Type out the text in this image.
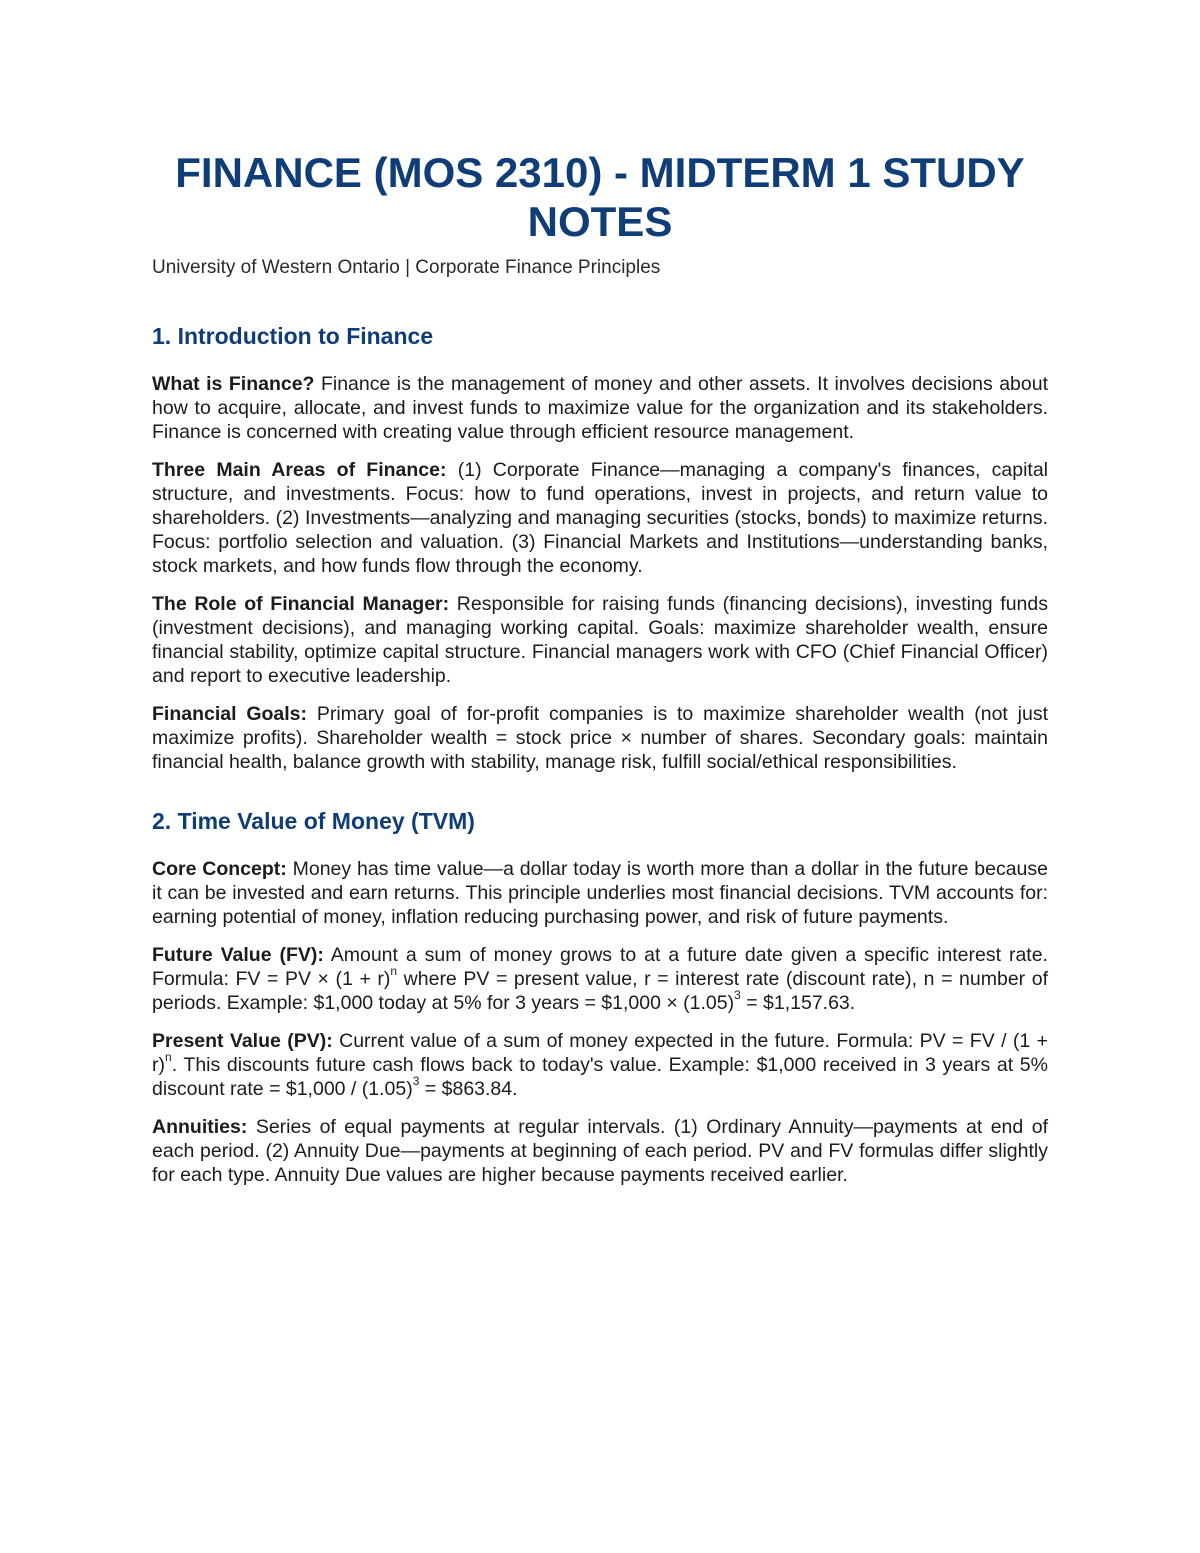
FINANCE (MOS 2310) - MIDTERM 1 STUDY NOTES

University of Western Ontario | Corporate Finance Principles

1. Introduction to Finance

What is Finance? Finance is the management of money and other assets. It involves decisions about how to acquire, allocate, and invest funds to maximize value for the organization and its stakeholders. Finance is concerned with creating value through efficient resource management.

Three Main Areas of Finance: (1) Corporate Finance—managing a company's finances, capital structure, and investments. Focus: how to fund operations, invest in projects, and return value to shareholders. (2) Investments—analyzing and managing securities (stocks, bonds) to maximize returns. Focus: portfolio selection and valuation. (3) Financial Markets and Institutions—understanding banks, stock markets, and how funds flow through the economy.

The Role of Financial Manager: Responsible for raising funds (financing decisions), investing funds (investment decisions), and managing working capital. Goals: maximize shareholder wealth, ensure financial stability, optimize capital structure. Financial managers work with CFO (Chief Financial Officer) and report to executive leadership.

Financial Goals: Primary goal of for-profit companies is to maximize shareholder wealth (not just maximize profits). Shareholder wealth = stock price × number of shares. Secondary goals: maintain financial health, balance growth with stability, manage risk, fulfill social/ethical responsibilities.

2. Time Value of Money (TVM)

Core Concept: Money has time value—a dollar today is worth more than a dollar in the future because it can be invested and earn returns. This principle underlies most financial decisions. TVM accounts for: earning potential of money, inflation reducing purchasing power, and risk of future payments.

Future Value (FV): Amount a sum of money grows to at a future date given a specific interest rate. Formula: FV = PV × $(1 + r)^n$ where PV = present value, r = interest rate (discount rate), n = number of periods. Example: $1,000 today at 5% for 3 years = $1,000 × $(1.05)^3$ = $1,157.63.

Present Value (PV): Current value of a sum of money expected in the future. Formula: PV = FV / $(1 + r)^n$. This discounts future cash flows back to today's value. Example: $1,000 received in 3 years at 5% discount rate = $1,000 / $(1.05)^3$ = $863.84.

Annuities: Series of equal payments at regular intervals. (1) Ordinary Annuity—payments at end of each period. (2) Annuity Due—payments at beginning of each period. PV and FV formulas differ slightly for each type. Annuity Due values are higher because payments received earlier.
